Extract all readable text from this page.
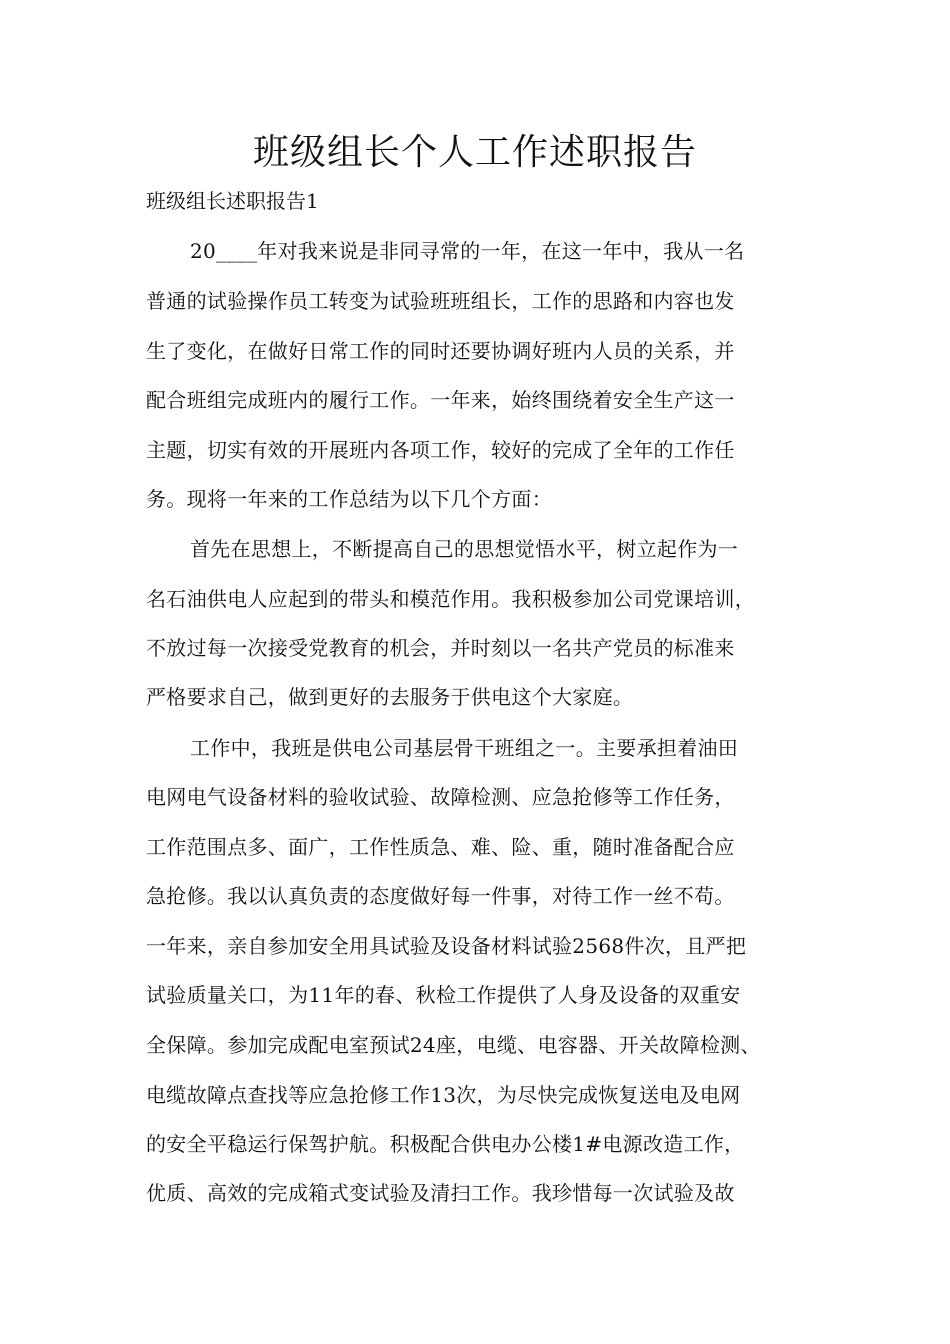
班级组长个人工作述职报告

班级组长述职报告1

20____年对我来说是非同寻常的一年，在这一年中，我从一名

普通的试验操作员工转变为试验班班组长，工作的思路和内容也发

生了变化，在做好日常工作的同时还要协调好班内人员的关系，并

配合班组完成班内的履行工作。一年来，始终围绕着安全生产这一

主题，切实有效的开展班内各项工作，较好的完成了全年的工作任

务。现将一年来的工作总结为以下几个方面：

首先在思想上，不断提高自己的思想觉悟水平，树立起作为一

名石油供电人应起到的带头和模范作用。我积极参加公司党课培训，

不放过每一次接受党教育的机会，并时刻以一名共产党员的标准来

严格要求自己，做到更好的去服务于供电这个大家庭。

工作中，我班是供电公司基层骨干班组之一。主要承担着油田

电网电气设备材料的验收试验、故障检测、应急抢修等工作任务，

工作范围点多、面广，工作性质急、难、险、重，随时准备配合应

急抢修。我以认真负责的态度做好每一件事，对待工作一丝不苟。

一年来，亲自参加安全用具试验及设备材料试验2568件次，且严把

试验质量关口，为11年的春、秋检工作提供了人身及设备的双重安

全保障。参加完成配电室预试24座，电缆、电容器、开关故障检测、

电缆故障点查找等应急抢修工作13次，为尽快完成恢复送电及电网

的安全平稳运行保驾护航。积极配合供电办公楼1#电源改造工作，

优质、高效的完成箱式变试验及清扫工作。我珍惜每一次试验及故
